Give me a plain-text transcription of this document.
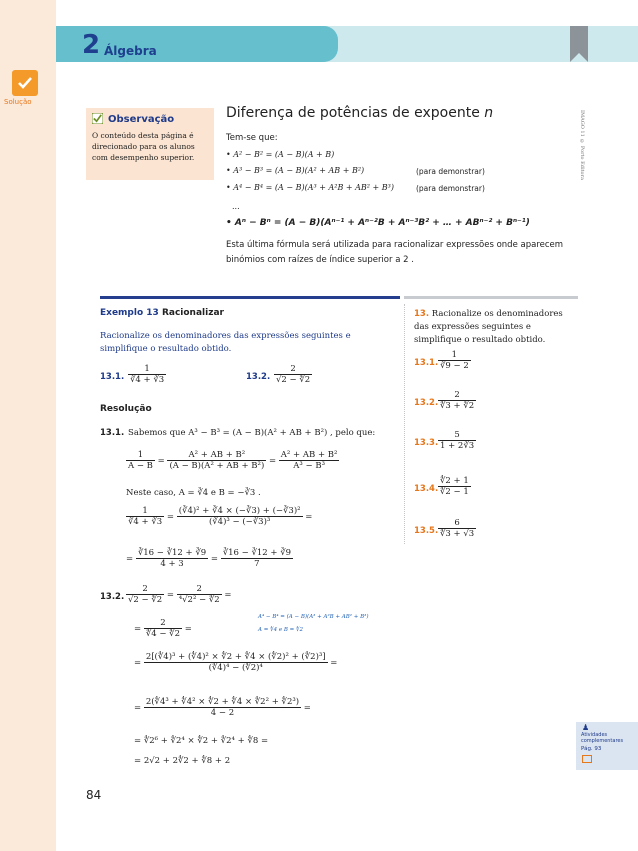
Solução
2 Álgebra
IMAGO 11 © Porto Editora
Observação
O conteúdo desta página é direcionado para os alunos com desempenho superior.
Diferença de potências de expoente n
Tem-se que:
• A² − B² = (A − B)(A + B)
• A³ − B³ = (A − B)(A² + AB + B²)	(para demonstrar)
• A⁴ − B⁴ = (A − B)(A³ + A²B + AB² + B³)	(para demonstrar)
...
• Aⁿ − Bⁿ = (A − B)(Aⁿ⁻¹ + Aⁿ⁻²B + Aⁿ⁻³B² + … + ABⁿ⁻² + Bⁿ⁻¹)
Esta última fórmula será utilizada para racionalizar expressões onde aparecem binómios com raízes de índice superior a 2 .
Exemplo 13 Racionalizar
Racionalize os denominadores das expressões seguintes e simplifique o resultado obtido.
13.1. $\frac{1}{∛4 + ∛3}$	13.2. $\frac{2}{√2 - ∜2}$
Resolução
13.1. Sabemos que A³ − B³ = (A − B)(A² + AB + B²) , pelo que:
$\frac{1}{A - B} = \frac{\text{A² + AB + B²}}{\text{(A − B)(A² + AB + B²)}} = \frac{\text{A² + AB + B²}}{\text{A³ − B³}}$
Neste caso, A = ∛4 e B = −∛3 .
$\frac{1}{∛4 + ∛3} = \frac{\text{(∛4)² + ∛4 × (−∛3) + (−∛3)²}}{\text{(∛4)³ − (−∛3)³}}$ =
= $\frac{∛16 - ∛12 + ∛9}{4 + 3} = \frac{∛16 - ∛12 + ∛9}{7}$
13.2. $\frac{2}{√2 - ∜2} = \frac{2}{\text{⁴√2² − ∜2}}$ =
A⁴ − B⁴ = (A − B)(A³ + A²B + AB² + B³)
A = ∜4 e B = ∜2
= $\frac{2}{∜4 - ∜2}$ =
= $\frac{\text{2[(∜4)³ + (∜4)² × ∜2 + ∜4 × (∜2)² + (∜2)³]}}{\text{(∜4)⁴ − (∜2)⁴}}$ =
= $\frac{\text{2(∜4³ + ∜4² × ∜2 + ∜4 × ∜2² + ∜2³)}}{4 - 2}$ =
= ∜2⁶ + ∜2⁴ × ∜2 + ∜2⁴ + ∜8 =
= 2√2 + 2∜2 + ∜8 + 2
13. Racionalize os denominadores das expressões seguintes e simplifique o resultado obtido.
13.1. $\frac{1}{∛9 - 2}$
13.2. $\frac{2}{∜3 + ∜2}$
13.3. $\frac{5}{1 + 2∛3}$
13.4. $\frac{∜2 + 1}{∜2 - 1}$
13.5. $\frac{6}{∜3 + √3}$
♟
Atividades complementares
Pág. 93
84
